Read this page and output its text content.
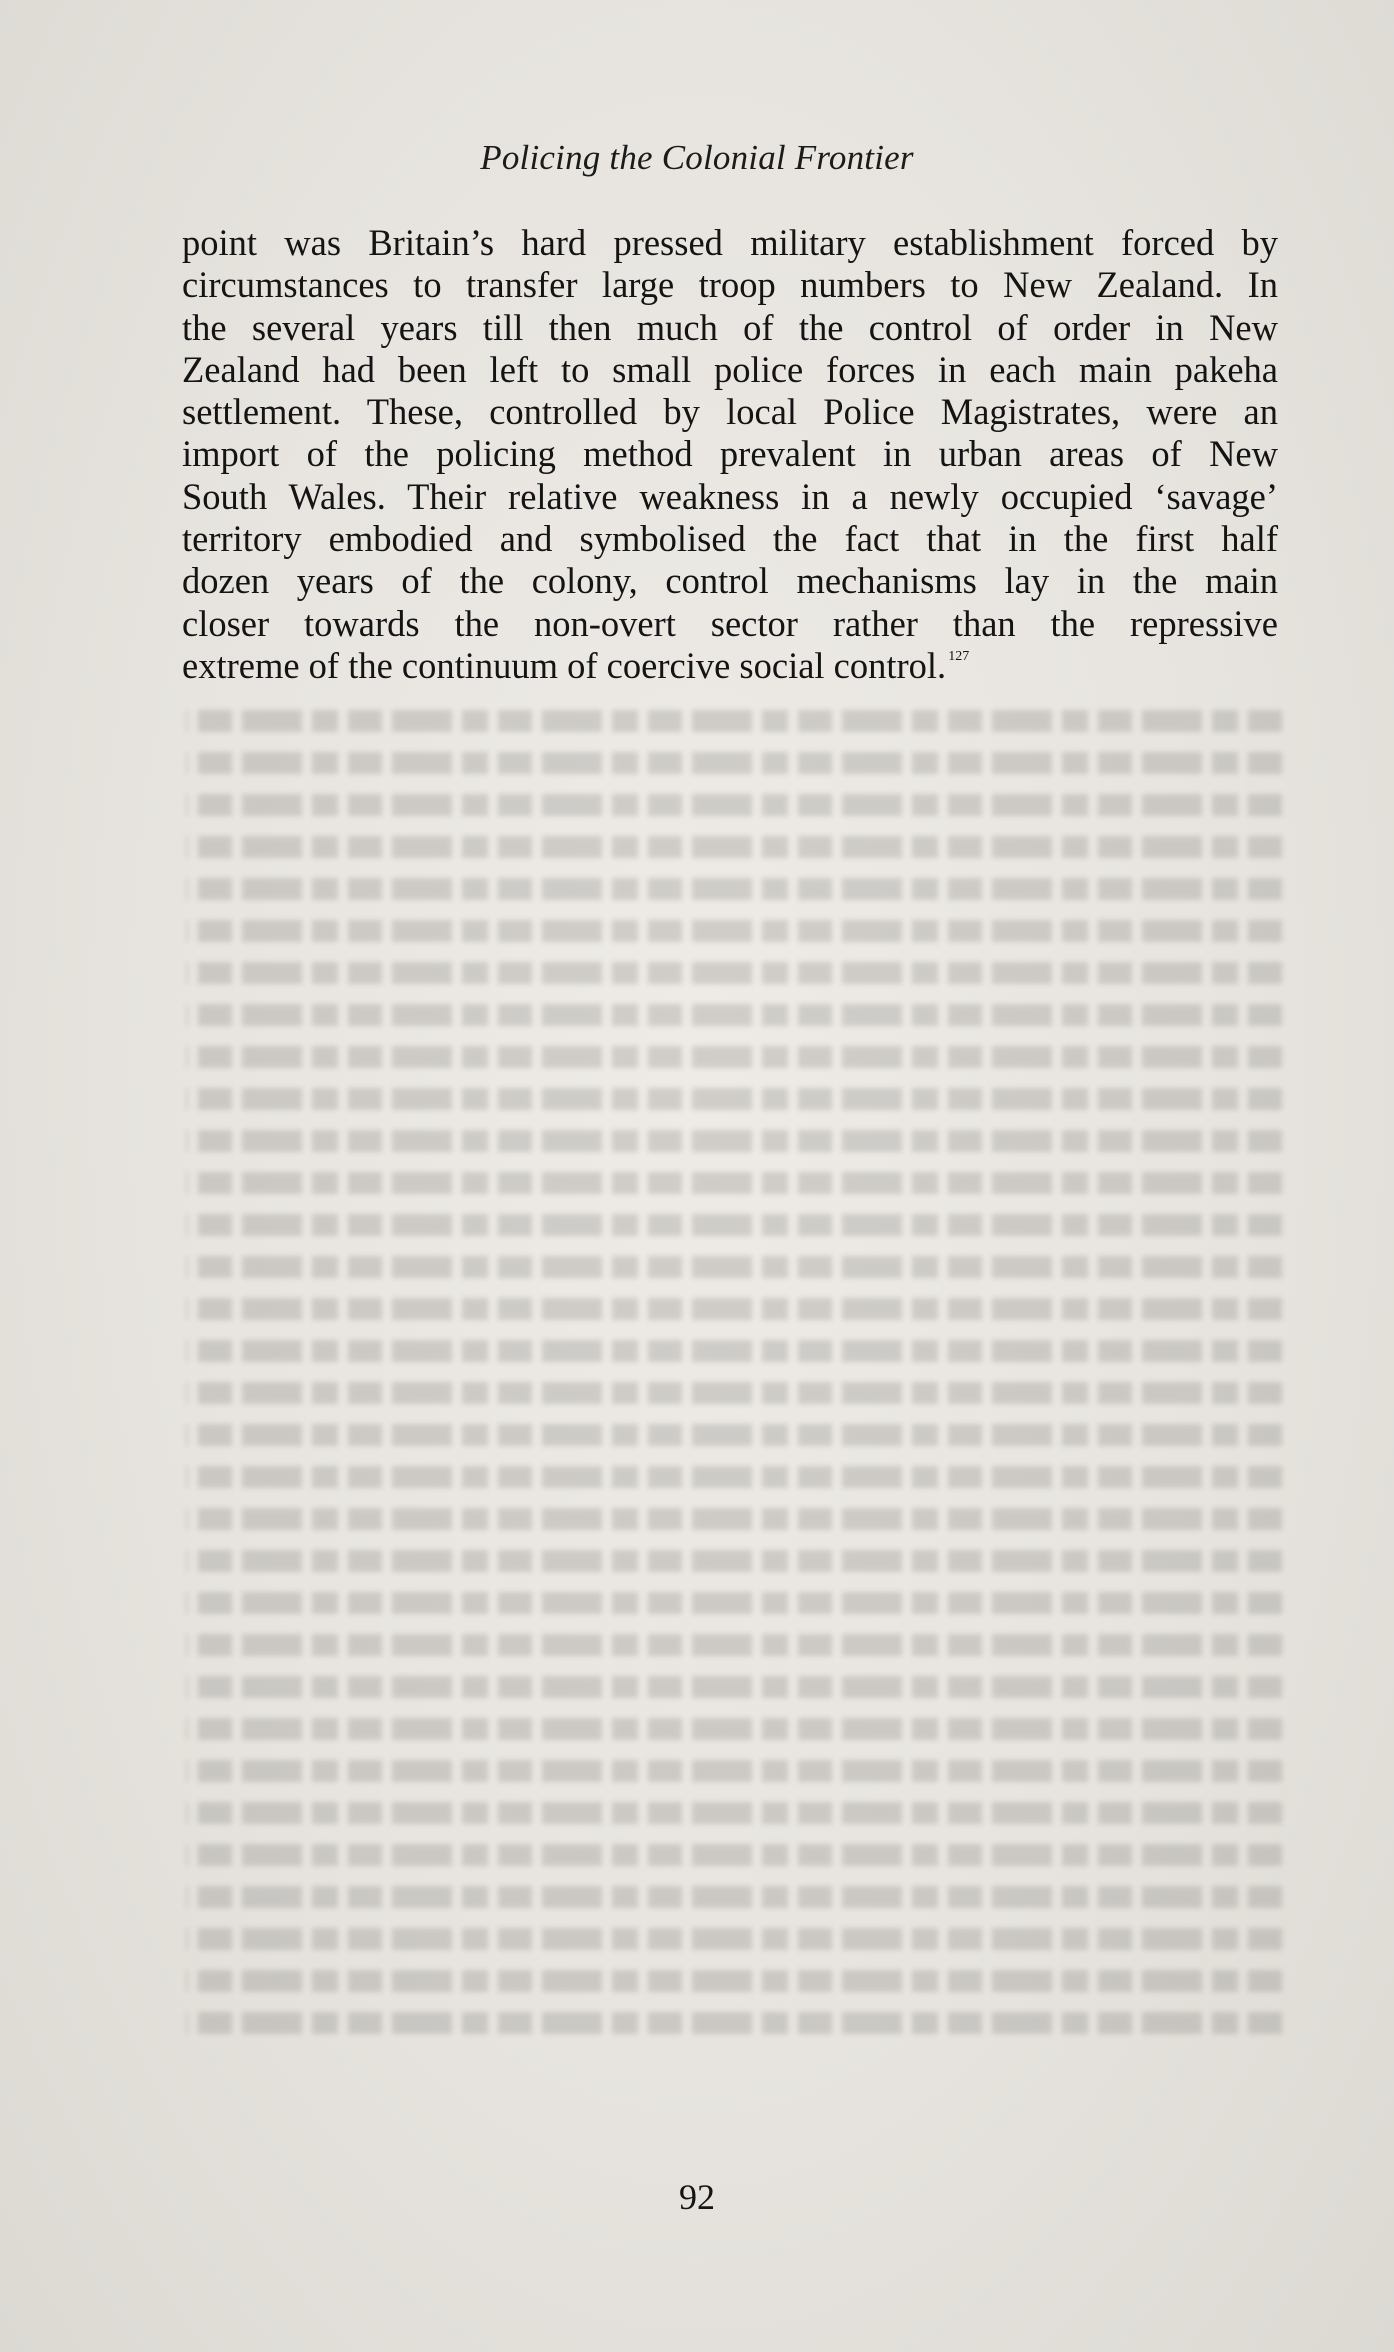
Policing the Colonial Frontier
point was Britain’s hard pressed military establishment forced by
circumstances to transfer large troop numbers to New Zealand. In
the several years till then much of the control of order in New
Zealand had been left to small police forces in each main pakeha
settlement. These, controlled by local Police Magistrates, were an
import of the policing method prevalent in urban areas of New
South Wales. Their relative weakness in a newly occupied ‘savage’
territory embodied and symbolised the fact that in the first half
dozen years of the colony, control mechanisms lay in the main
closer towards the non-overt sector rather than the repressive
extreme of the continuum of coercive social control. $^{127}$
92
